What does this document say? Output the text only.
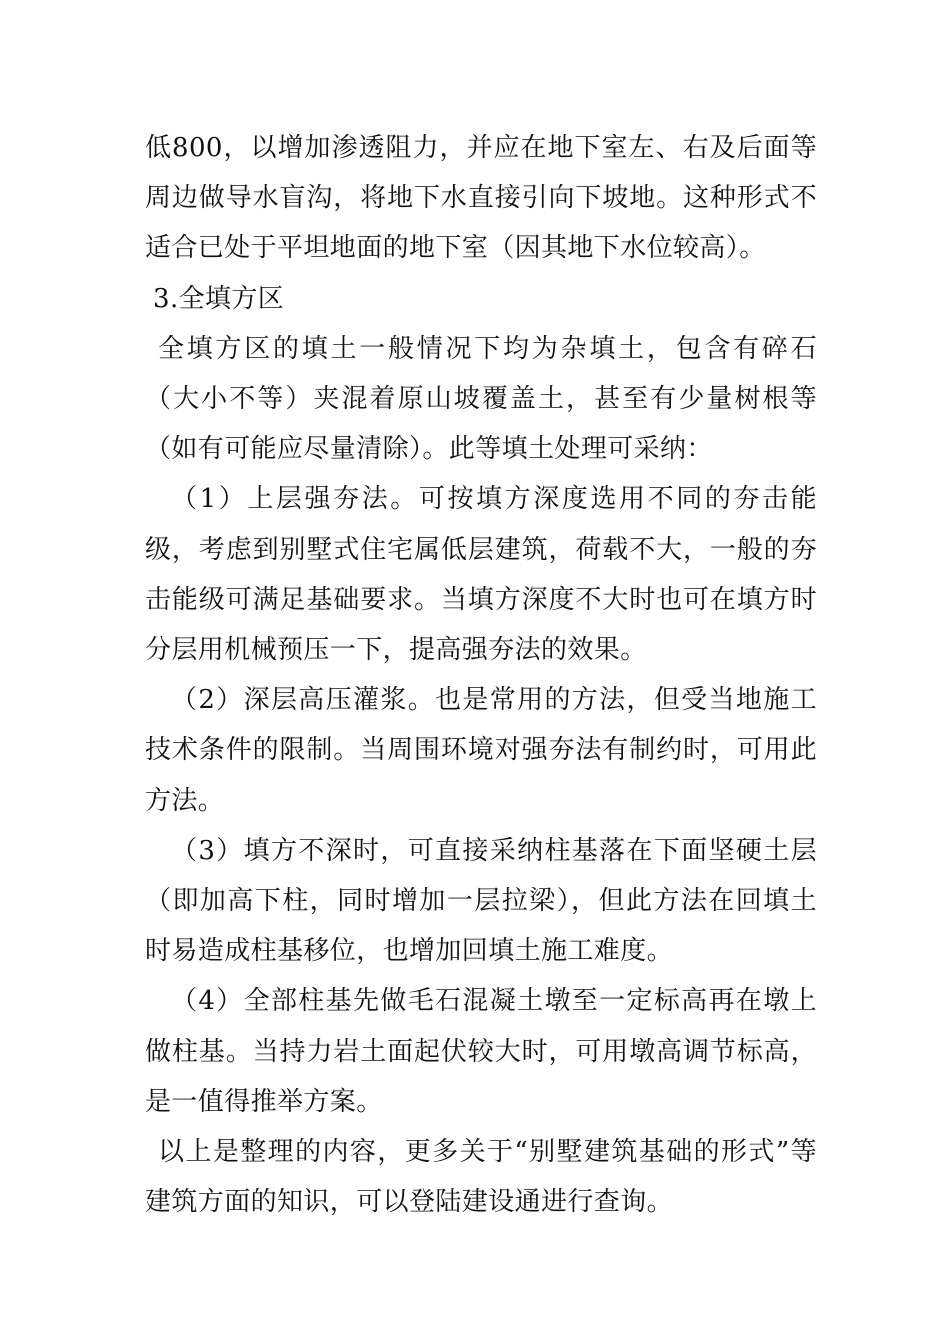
低800，以增加渗透阻力，并应在地下室左、右及后面等周边做导水盲沟，将地下水直接引向下坡地。这种形式不适合已处于平坦地面的地下室（因其地下水位较高）。

3.全填方区

全填方区的填土一般情况下均为杂填土，包含有碎石（大小不等）夹混着原山坡覆盖土，甚至有少量树根等（如有可能应尽量清除）。此等填土处理可采纳：

（1）上层强夯法。可按填方深度选用不同的夯击能级，考虑到别墅式住宅属低层建筑，荷载不大，一般的夯击能级可满足基础要求。当填方深度不大时也可在填方时分层用机械预压一下，提高强夯法的效果。

（2）深层高压灌浆。也是常用的方法，但受当地施工技术条件的限制。当周围环境对强夯法有制约时，可用此方法。

（3）填方不深时，可直接采纳柱基落在下面坚硬土层（即加高下柱，同时增加一层拉梁），但此方法在回填土时易造成柱基移位，也增加回填土施工难度。

（4）全部柱基先做毛石混凝土墩至一定标高再在墩上做柱基。当持力岩土面起伏较大时，可用墩高调节标高，是一值得推举方案。

以上是整理的内容，更多关于“别墅建筑基础的形式”等建筑方面的知识，可以登陆建设通进行查询。
